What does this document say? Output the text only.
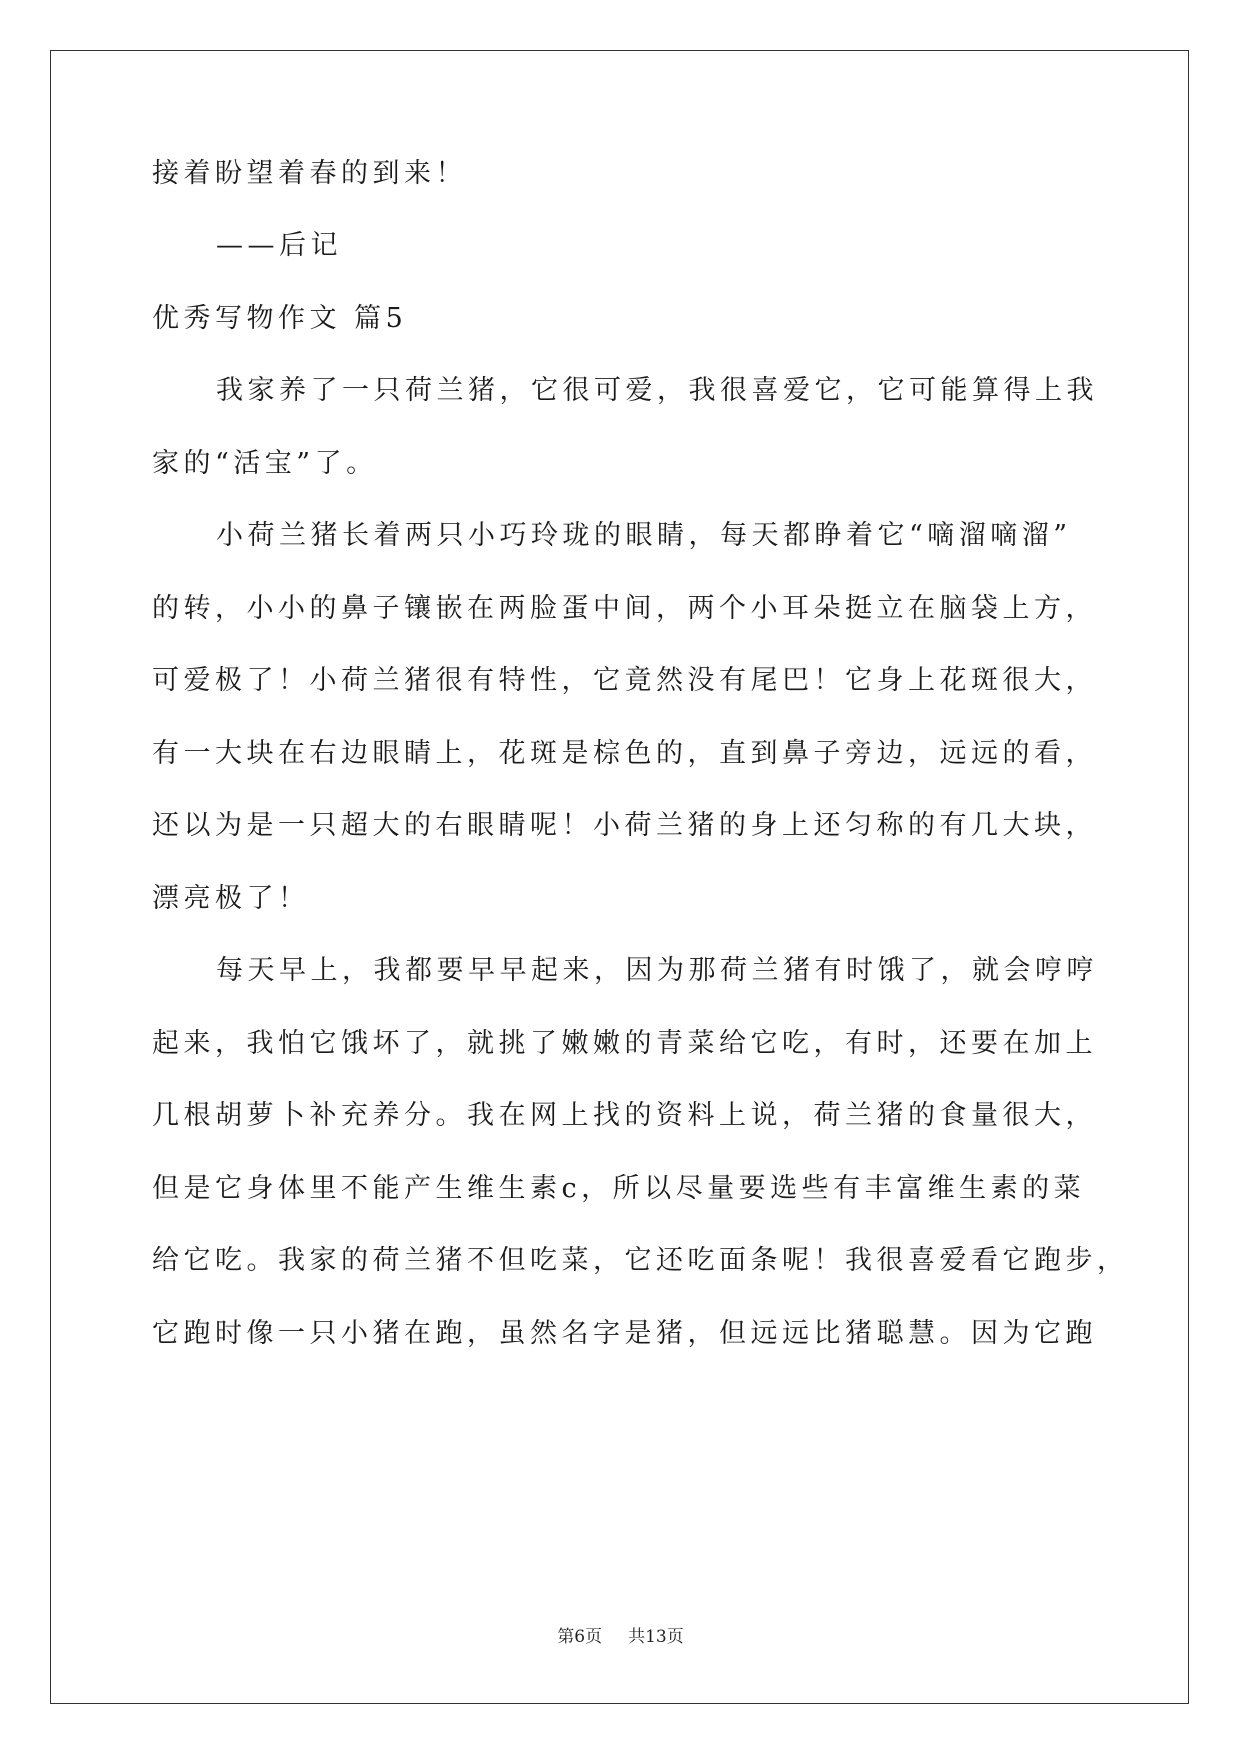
接着盼望着春的到来！

——后记

优秀写物作文 篇5

我家养了一只荷兰猪，它很可爱，我很喜爱它，它可能算得上我

家的“活宝”了。

小荷兰猪长着两只小巧玲珑的眼睛，每天都睁着它“嘀溜嘀溜”

的转，小小的鼻子镶嵌在两脸蛋中间，两个小耳朵挺立在脑袋上方，

可爱极了！小荷兰猪很有特性，它竟然没有尾巴！它身上花斑很大，

有一大块在右边眼睛上，花斑是棕色的，直到鼻子旁边，远远的看，

还以为是一只超大的右眼睛呢！小荷兰猪的身上还匀称的有几大块，

漂亮极了！

每天早上，我都要早早起来，因为那荷兰猪有时饿了，就会哼哼

起来，我怕它饿坏了，就挑了嫩嫩的青菜给它吃，有时，还要在加上

几根胡萝卜补充养分。我在网上找的资料上说，荷兰猪的食量很大，

但是它身体里不能产生维生素c，所以尽量要选些有丰富维生素的菜

给它吃。我家的荷兰猪不但吃菜，它还吃面条呢！我很喜爱看它跑步，

它跑时像一只小猪在跑，虽然名字是猪，但远远比猪聪慧。因为它跑

第6页 共13页
